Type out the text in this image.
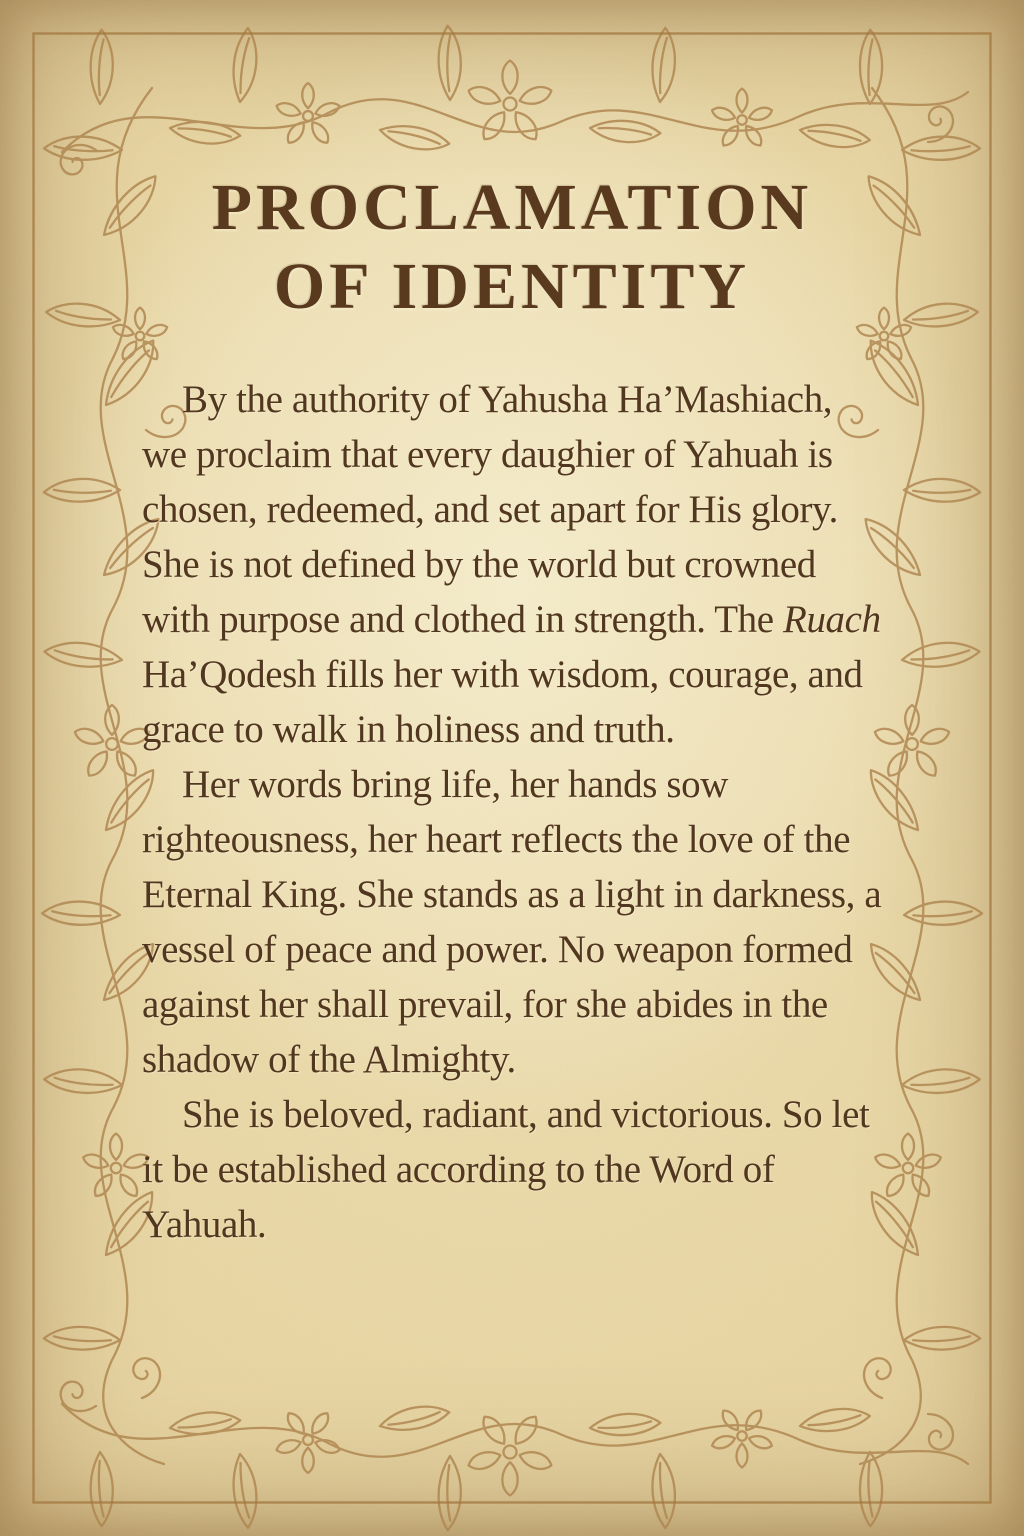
PROCLAMATION
OF IDENTITY

By the authority of Yahusha Ha’Mashiach, we proclaim that every daughier of Yahuah is chosen, redeemed, and set apart for His glory. She is not defined by the world but crowned with purpose and clothed in strength. The Ruach Ha’Qodesh fills her with wisdom, courage, and grace to walk in holiness and truth.

Her words bring life, her hands sow righteousness, her heart reflects the love of the Eternal King. She stands as a light in darkness, a vessel of peace and power. No weapon formed against her shall prevail, for she abides in the shadow of the Almighty.

She is beloved, radiant, and victorious. So let it be established according to the Word of Yahuah.
